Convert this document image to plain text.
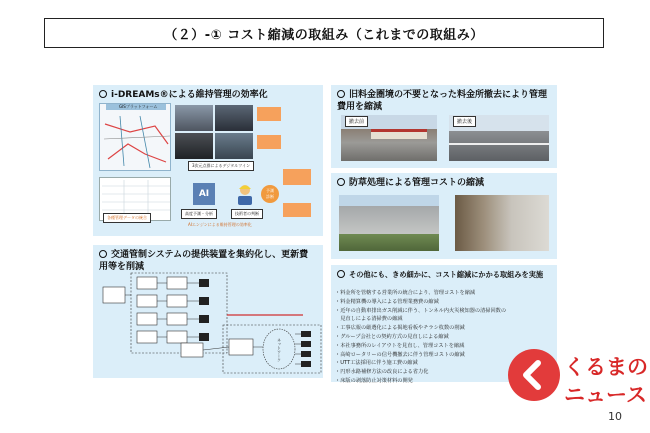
（２）-① コスト縮減の取組み（これまでの取組み）
i-DREAMs®による維持管理の効率化
GISプラットフォーム
3次元点群によるデジタルツイン
各種管理データの統合
AI
高度予測・分析	技術者の判断
予測
診断
AIエンジンによる維持管理の効率化
旧料金圏境の不要となった料金所撤去により管理費用を縮減
撤去前	撤去後
防草処理による管理コストの縮減
交通管制システムの提供装置を集約化し、更新費用等を削減
ネットワーク
その他にも、きめ細かに、コスト縮減にかかる取組みを実施
・料金所を管轄する営業所の統合により、管理コストを縮減
・料金精算機の導入による管理業務費の縮減
・近年の自動車排出ガス削減に伴う、トンネル内火災検知器の清掃回数の
　見直しによる清掃費の縮減
・工事広報の厳選化による掲地看板やチラシ枚数の削減
・グループ会社との契約方式の見直しによる縮減
・本社事務所のレイアウトを見直し、管理コストを縮減
・高崎ロータリーの信号機撤去に伴う管理コストの縮減
・UTT工法採用に伴う施工費の縮減
・円形水路補修方法の改良による省力化
・床版の剥落防止対策材料の開発
くるまの
ニュース
10
